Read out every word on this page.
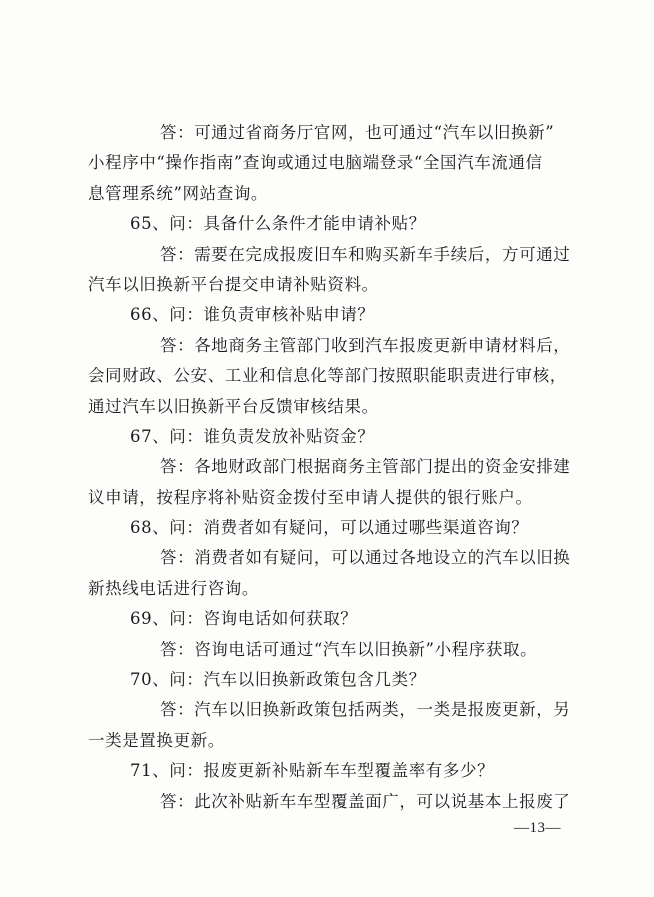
答：可通过省商务厅官网，也可通过“汽车以旧换新”
小程序中“操作指南”查询或通过电脑端登录“全国汽车流通信
息管理系统”网站查询。
65、问：具备什么条件才能申请补贴？
答：需要在完成报废旧车和购买新车手续后，方可通过
汽车以旧换新平台提交申请补贴资料。
66、问：谁负责审核补贴申请？
答：各地商务主管部门收到汽车报废更新申请材料后，
会同财政、公安、工业和信息化等部门按照职能职责进行审核，
通过汽车以旧换新平台反馈审核结果。
67、问：谁负责发放补贴资金？
答：各地财政部门根据商务主管部门提出的资金安排建
议申请，按程序将补贴资金拨付至申请人提供的银行账户。
68、问：消费者如有疑问，可以通过哪些渠道咨询？
答：消费者如有疑问，可以通过各地设立的汽车以旧换
新热线电话进行咨询。
69、问：咨询电话如何获取？
答：咨询电话可通过“汽车以旧换新”小程序获取。
70、问：汽车以旧换新政策包含几类？
答：汽车以旧换新政策包括两类，一类是报废更新，另
一类是置换更新。
71、问：报废更新补贴新车车型覆盖率有多少？
答：此次补贴新车车型覆盖面广，可以说基本上报废了
—13—
